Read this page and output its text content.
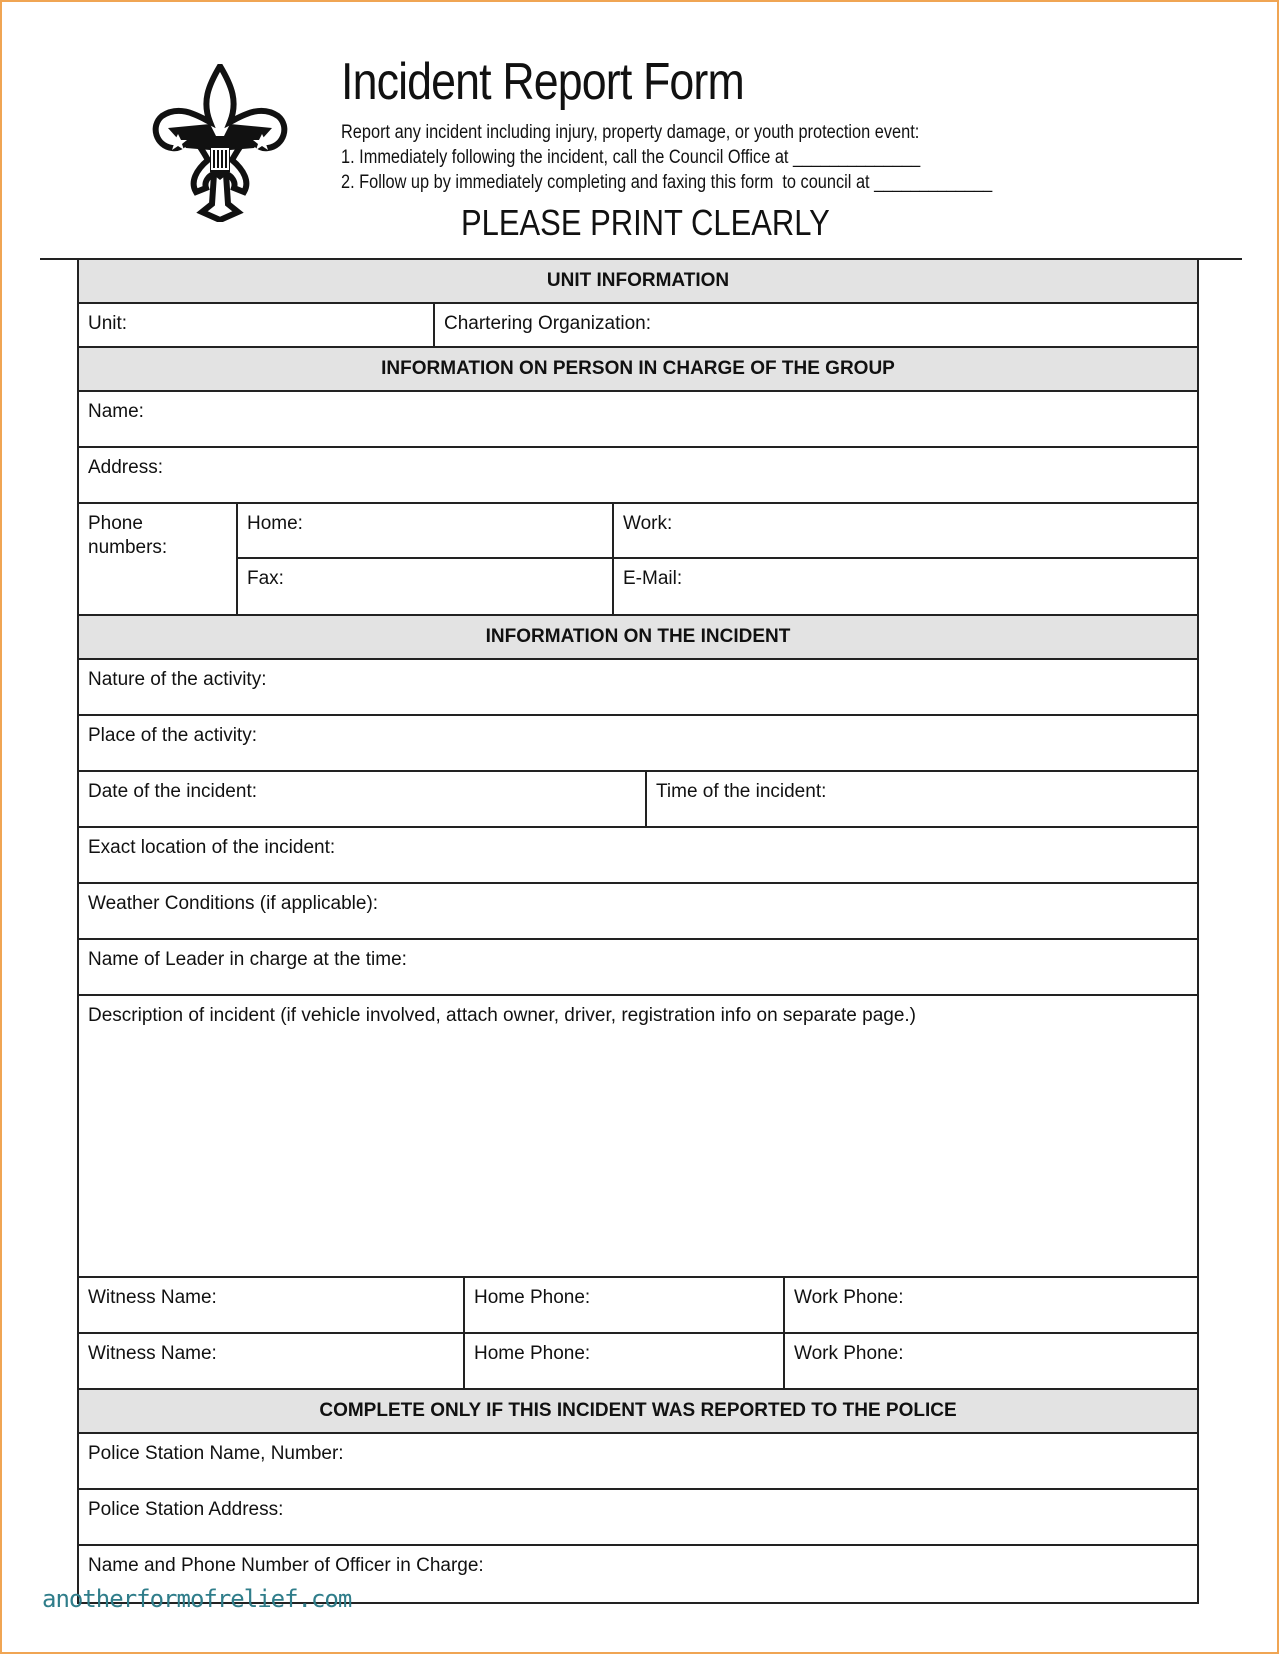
Incident Report Form
Report any incident including injury, property damage, or youth protection event:
1. Immediately following the incident, call the Council Office at ______________
2. Follow up by immediately completing and faxing this form  to council at _____________
PLEASE PRINT CLEARLY
UNIT INFORMATION
Unit:	Chartering Organization:
INFORMATION ON PERSON IN CHARGE OF THE GROUP
Name:
Address:
Phone numbers:
Home:	Work:
Fax:	E-Mail:
INFORMATION ON THE INCIDENT
Nature of the activity:
Place of the activity:
Date of the incident:	Time of the incident:
Exact location of the incident:
Weather Conditions (if applicable):
Name of Leader in charge at the time:
Description of incident (if vehicle involved, attach owner, driver, registration info on separate page.)
Witness Name:	Home Phone:	Work Phone:
Witness Name:	Home Phone:	Work Phone:
COMPLETE ONLY IF THIS INCIDENT WAS REPORTED TO THE POLICE
Police Station Name, Number:
Police Station Address:
Name and Phone Number of Officer in Charge:
anotherformofrelief.com
